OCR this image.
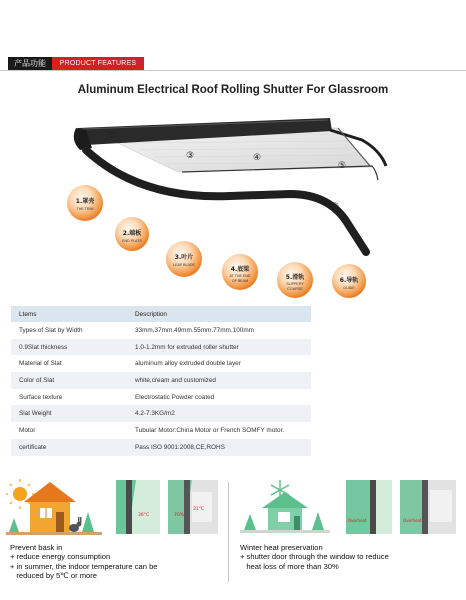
产品功能	PRODUCT FEATURES
Aluminum Electrical Roof Rolling Shutter For Glassroom
①
②
③	④
⑤
⑥
1.罩壳
THE TRIM
2.端板
END PLATE
3.叶片
LEAF BLADE
4.底梁
AT THE END
OF BEAM	5.滑轨
SLIPPERY
COURSE
6.导轨
GUIDE
Ltems	Description
Types of Slat by Width	33mm,37mm.49mm.55mm.77mm.100mm
0.9Slat thickness	1.0-1.2mm for extruded roller shutter
Material of Slat	aluminum alloy extruded double layer
Color of Slat	white,cream and customized
Surface texture	Electrostatic Powder coated
Slat Weight	4.2-7.3KG/m2
Motor	Tubular Motor:China Motor or French SOMFY motor.
certificate	Pass ISO 9001:2008,CE,ROHS
36°C
31°C
70%
Overheat	Overheat
Prevent bask in
+ reduce energy consumption
+ in summer, the indoor temperature can be
reduced by 5℃ or more
Winter heat preservation
+ shutter door through the window to reduce
heat loss of more than 30%
